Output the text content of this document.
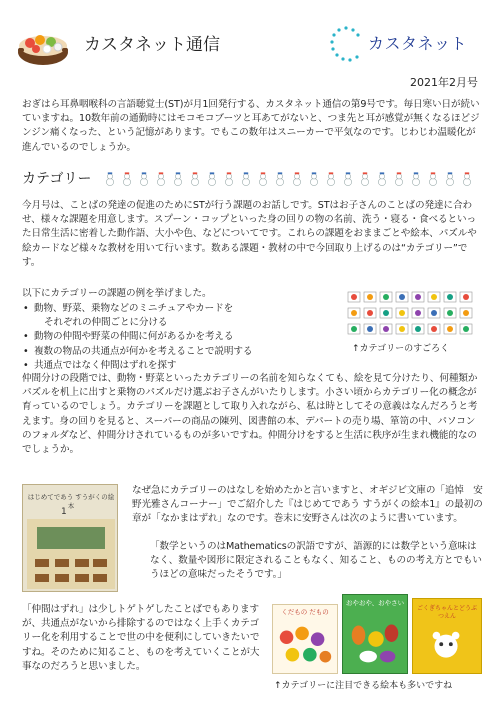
カスタネット通信	カスタネット
2021年2月号
おぎはら耳鼻咽喉科の言語聴覚士(ST)が月1回発行する、カスタネット通信の第9号です。毎日寒い日が続いていますね。10数年前の通勤時にはモコモコブーツと耳あてがないと、つま先と耳が感覚が無くなるほどジンジン痛くなった、という記憶があります。でもこの数年はスニーカーで平気なのです。じわじわ温暖化が進んでいるのでしょうか。
カテゴリー
今月号は、ことばの発達の促進のためにSTが行う課題のお話しです。STはお子さんのことばの発達に合わせ、様々な課題を用意します。スプーン・コップといった身の回りの物の名前、洗う・寝る・食べるといった日常生活に密着した動作語、大小や色、などについてです。これらの課題をおままごとや絵本、パズルや絵カードなど様々な教材を用いて行います。数ある課題・教材の中で今回取り上げるのは“カテゴリー”です。
以下にカテゴリーの課題の例を挙げました。
• 動物、野菜、乗物などのミニチュアやカードを
それぞれの仲間ごとに分ける
• 動物の仲間や野菜の仲間に何があるかを考える
• 複数の物品の共通点が何かを考えることで説明する
• 共通点ではなく仲間はずれを探す
↑カテゴリーのすごろく
仲間分けの段階では、動物・野菜といったカテゴリーの名前を知らなくても、絵を見て分けたり、何種類かパズルを机上に出すと乗物のパズルだけ選ぶお子さんがいたりします。小さい頃からカテゴリー化の概念が育っているのでしょう。カテゴリーを課題として取り入れながら、私は時としてその意義はなんだろうと考えます。身の回りを見ると、スーパーの商品の陳列、図書館の本、デパートの売り場、箪笥の中、パソコンのフォルダなど、仲間分けされているものが多いですね。仲間分けをすると生活に秩序が生まれ機能的なのでしょうか。
はじめてであう すうがくの絵本
1
なぜ急にカテゴリーのはなしを始めたかと言いますと、オギジビ文庫の「追悼　安野光雅さんコーナー」でご紹介した『はじめてであう すうがくの絵本1』の最初の章が「なかまはずれ」なのです。巻末に安野さんは次のように書いています。
「数学というのはMathematicsの訳語ですが、語源的には数学という意味はなく、数量や図形に限定されることもなく、知ること、ものの考え方とでもいうほどの意味だったそうです。」
「仲間はずれ」は少しトゲトゲしたことばでもありますが、共通点がないから排除するのではなく上手くカテゴリー化を利用することで世の中を便利にしていきたいですね。そのために知ること、ものを考えていくことが大事なのだろうと思いました。
くだもの だもの
おやおや、おやさい
ごくぎちゃんとどうぶつえん
↑カテゴリーに注目できる絵本も多いですね
